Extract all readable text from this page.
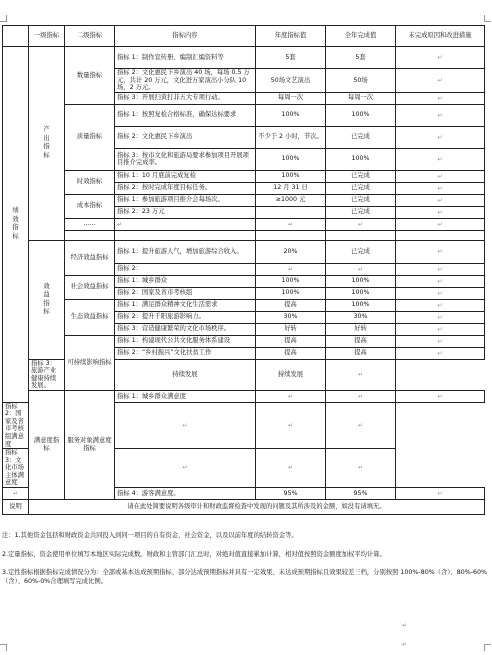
	一级指标	二级指标	指标内容	年度指标值	全年完成值	未完成原因和改进措施

绩效指标	产出指标	数量指标	指标 1：制作宣传册、编制汇编资料等	5套	5套	↵
			指标 2：文化惠民下乡演出 40 场，每场 0.5 万元，共计 20 万元，文化进万家演出小分队 10 场，2 万元。	50场文艺演出	50场	↵
			指标 3：开展扫黄打非五大专项行动。	每周一次	每周一次	↵
		质量指标	指标 1：按照复检合格标准，确保达标要求	100%	100%	↵
			指标 2：文化惠民下乡演出	不少于 2 小时，节次。	已完成	↵
			指标 3：按市文化和旅游局要求参加项目开展项目推介完成率。	100%	100%	↵
		时效指标	指标 1：10 月底前完成复检	100%	已完成	↵
			指标 2：按时完成年度目标任务。	12 月 31 日	已完成	↵
		成本指标	指标 1：参加旅游项目推介会每场次。	≥1000 元	已完成	↵
			指标 2：23 万元		已完成	↵
		……	↵	↵	↵	↵

	效益指标	经济效益指标	指标 1：提升旅游人气，增加旅游综合收入。	20%	已完成	↵
			指标 2：	↵	↵	↵
		社会效益指标	指标 1：城乡群众	100%	100%	↵
			指标 2：国家及省市考核组	100%	100%	↵
		生态效益指标	指标 1：满足群众精神文化生活需求	提高	100%	↵
			指标 2：提升千阳旅游影响力。	30%	30%	↵
			指标 3：营造健康繁荣的文化市场秩序。	好转	好转	↵
		可持续影响指标	指标 1：构建现代公共文化服务体系建设	提高	提高	↵
			指标 2：“乡村振兴”文化扶贫工作	提高	提高	↵
	指标 3：旅游产业健康持续发展。		持续发展	持续发展	↵	
	满意度指标	服务对象满意度指标	指标 1：城乡群众满意度	↵	↵	↵
指标 2：国家及省市考核组满意度			↵	↵	↵	
指标 3：文化市场主体满意度			↵	↵	↵	
↵			指标 4：游客满意度。	95%	95%	↵
说明	请在此处简要说明各级审计和财政监督检查中发现的问题及其所涉及的金额，如没有请填无。					

注：1.其他资金包括和财政资金共同投入到同一项目的自有资金、社会资金，以及以前年度的结转资金等。

2.定量指标，资金使用单位填写本地区实际完成数。财政和主管部门汇总时，对绝对值直接累加计算，相对值按照资金额度加权平均计算。

3.定性指标根据指标完成情况分为：全部或基本达成预期指标、部分达成预期指标并具有一定效果、未达成预期指标且效果较差三档，分别按照 100%-80%（含）、80%-60%（含）、60%-0%合理填写完成比例。

↵
↵
